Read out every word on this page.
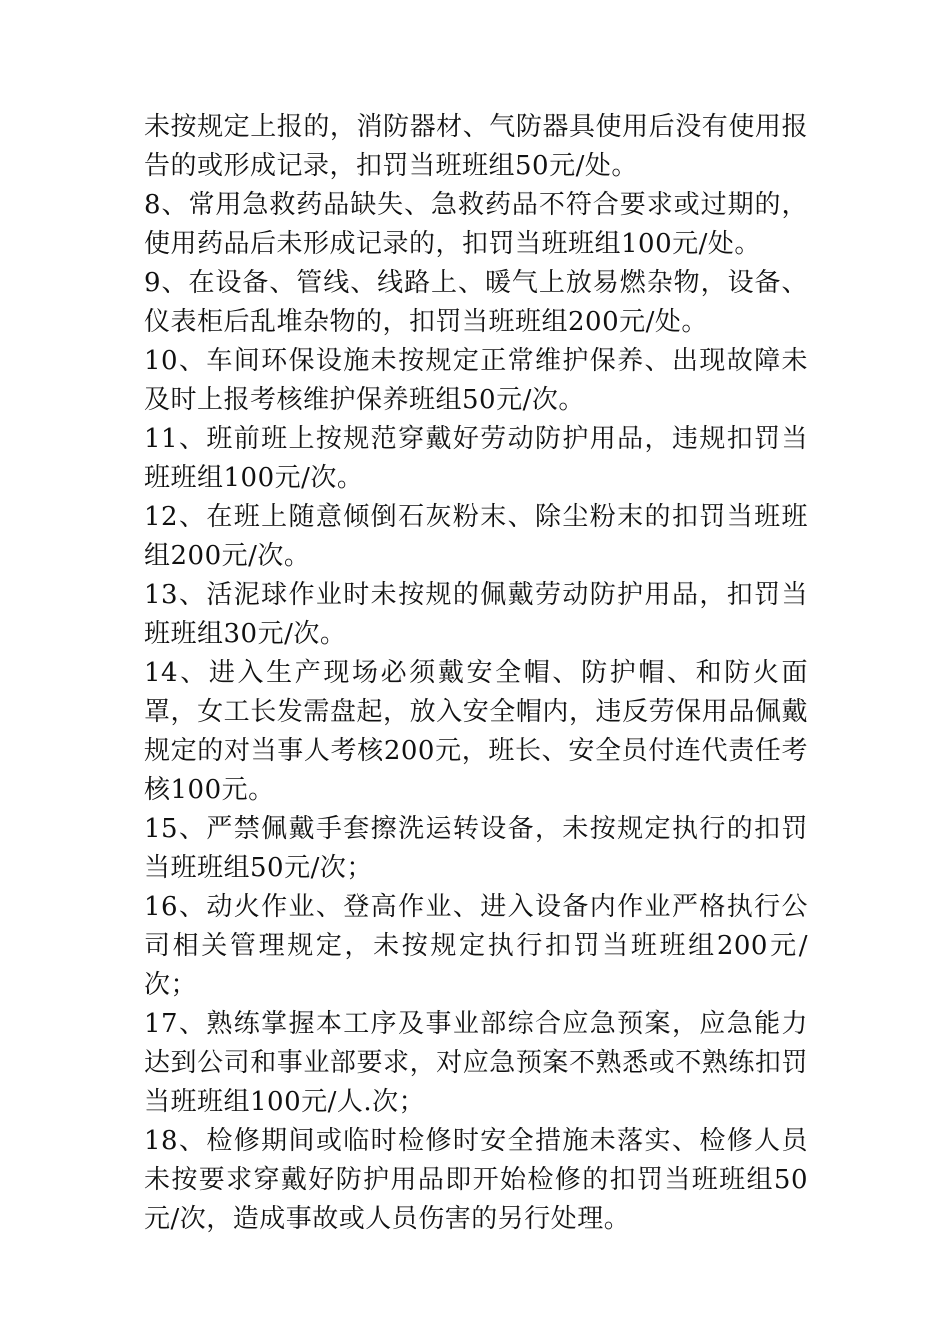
未按规定上报的，消防器材、气防器具使用后没有使用报告的或形成记录，扣罚当班班组50元/处。

8、常用急救药品缺失、急救药品不符合要求或过期的，使用药品后未形成记录的，扣罚当班班组100元/处。

9、在设备、管线、线路上、暖气上放易燃杂物，设备、仪表柜后乱堆杂物的，扣罚当班班组200元/处。

10、车间环保设施未按规定正常维护保养、出现故障未及时上报考核维护保养班组50元/次。

11、班前班上按规范穿戴好劳动防护用品，违规扣罚当班班组100元/次。

12、在班上随意倾倒石灰粉末、除尘粉末的扣罚当班班组200元/次。

13、活泥球作业时未按规的佩戴劳动防护用品，扣罚当班班组30元/次。

14、进入生产现场必须戴安全帽、防护帽、和防火面罩，女工长发需盘起，放入安全帽内，违反劳保用品佩戴规定的对当事人考核200元，班长、安全员付连代责任考核100元。

15、严禁佩戴手套擦洗运转设备，未按规定执行的扣罚当班班组50元/次；

16、动火作业、登高作业、进入设备内作业严格执行公司相关管理规定，未按规定执行扣罚当班班组200元/次；

17、熟练掌握本工序及事业部综合应急预案，应急能力达到公司和事业部要求，对应急预案不熟悉或不熟练扣罚当班班组100元/人.次；

18、检修期间或临时检修时安全措施未落实、检修人员未按要求穿戴好防护用品即开始检修的扣罚当班班组50元/次，造成事故或人员伤害的另行处理。
